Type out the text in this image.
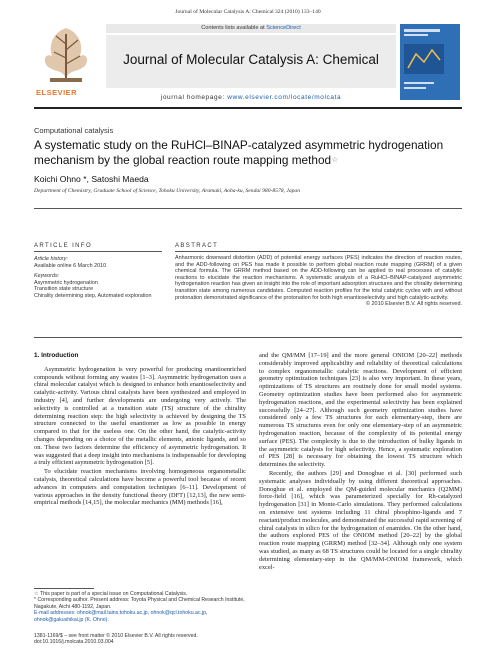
Journal of Molecular Catalysis A: Chemical 324 (2010) 133–140
ELSEVIER
Contents lists available at ScienceDirect
Journal of Molecular Catalysis A: Chemical
journal homepage: www.elsevier.com/locate/molcata
Computational catalysis
A systematic study on the RuHCl–BINAP-catalyzed asymmetric hydrogenation mechanism by the global reaction route mapping method☆
Koichi Ohno *, Satoshi Maeda
Department of Chemistry, Graduate School of Science, Tohoku University, Aramaki, Aoba-ku, Sendai 980-8578, Japan
ARTICLE INFO	ABSTRACT
Article history:
Available online 6 March 2010
Keywords:
Asymmetric hydrogenation
Transition state structure
Chirality determining step, Automated exploration
Anharmonic downward distortion (ADD) of potential energy surfaces (PES) indicates the direction of reaction routes, and the ADD-following on PES has made it possible to perform global reaction route mapping (GRRM) of a given chemical formula. The GRRM method based on the ADD-following can be applied to real processes of catalytic reactions to elucidate the reaction mechanisms. A systematic analysis of a RuHCl–BINAP-catalyzed asymmetric hydrogenation reaction has given an insight into the role of important adsorption structures and the chirality determining transition state among numerous candidates. Computed reaction profiles for the total catalytic cycles with and without protonation demonstrated significance of the protonation for both high enantioselectivity and high catalytic-activity.
© 2010 Elsevier B.V. All rights reserved.
1. Introduction

Asymmetric hydrogenation is very powerful for producing enantioenriched compounds without forming any wastes [1–3]. Asymmetric hydrogenation uses a chiral molecular catalyst which is designed to enhance both enantioselectivity and catalytic-activity. Various chiral catalysts have been synthesized and employed in industry [4], and further developments are undergoing very actively. The selectivity is controlled at a transition state (TS) structure of the chirality determining reaction step: the high selectivity is achieved by designing the TS structure connected to the useful enantiomer as low as possible in energy compared to that for the useless one. On the other hand, the catalytic-activity changes depending on a choice of the metallic elements, anionic ligands, and so on. These two factors determine the efficiency of asymmetric hydrogenation. It was suggested that a deep insight into mechanisms is indispensable for developing a truly efficient asymmetric hydrogenation [5].

To elucidate reaction mechanisms involving homogeneous organometallic catalysts, theoretical calculations have become a powerful tool because of recent advances in computers and computation techniques [6–11]. Development of various approaches in the density functional theory (DFT) [12,13], the new semi-empirical methods [14,15], the molecular mechanics (MM) methods [16],

and the QM/MM [17–19] and the more general ONIOM [20–22] methods considerably improved applicability and reliability of theoretical calculations to complex organometallic catalytic reactions. Development of efficient geometry optimization techniques [23] is also very important. In these years, optimizations of TS structures are routinely done for small model systems. Geometry optimization studies have been performed also for asymmetric hydrogenation reactions, and the experimental selectivity has been explained successfully [24–27]. Although such geometry optimization studies have considered only a few TS structures for each elementary-step, there are numerous TS structures even for only one elementary-step of an asymmetric hydrogenation reaction, because of the complexity of its potential energy surface (PES). The complexity is due to the introduction of bulky ligands in the asymmetric catalysts for high selectivity. Hence, a systematic exploration of PES [28] is necessary for obtaining the lowest TS structure which determines the selectivity.

Recently, the authors [29] and Donoghue et al. [30] performed such systematic analyses individually by using different theoretical approaches. Donoghue et al. employed the QM-guided molecular mechanics (Q2MM) force-field [16], which was parameterized specially for Rh-catalyzed hydrogenation [31] in Monte-Carlo simulations. They performed calculations on extensive test systems including 11 chiral phosphino-ligands and 7 reactant/product molecules, and demonstrated the successful rapid screening of chiral catalysts in silico for the hydrogenation of enamides. On the other hand, the authors explored PES of the ONIOM method [20–22] by the global reaction route mapping (GRRM) method [32–34]. Although only one system was studied, as many as 68 TS structures could be located for a single chirality determining elementary-step in the QM/MM-ONIOM framework, which excel-

☆ This paper is part of a special issue on Computational Catalysis.
* Corresponding author. Present address: Toyota Physical and Chemical Research Institute, Nagakute, Aichi 480-1192, Japan.
E-mail addresses: ohnok@mail.tains.tohoku.ac.jp, ohnok@qcl.tohoku.ac.jp, ohnok@gakushikai.jp (K. Ohno).
1381-1169/$ – see front matter © 2010 Elsevier B.V. All rights reserved.
doi:10.1016/j.molcata.2010.03.004
